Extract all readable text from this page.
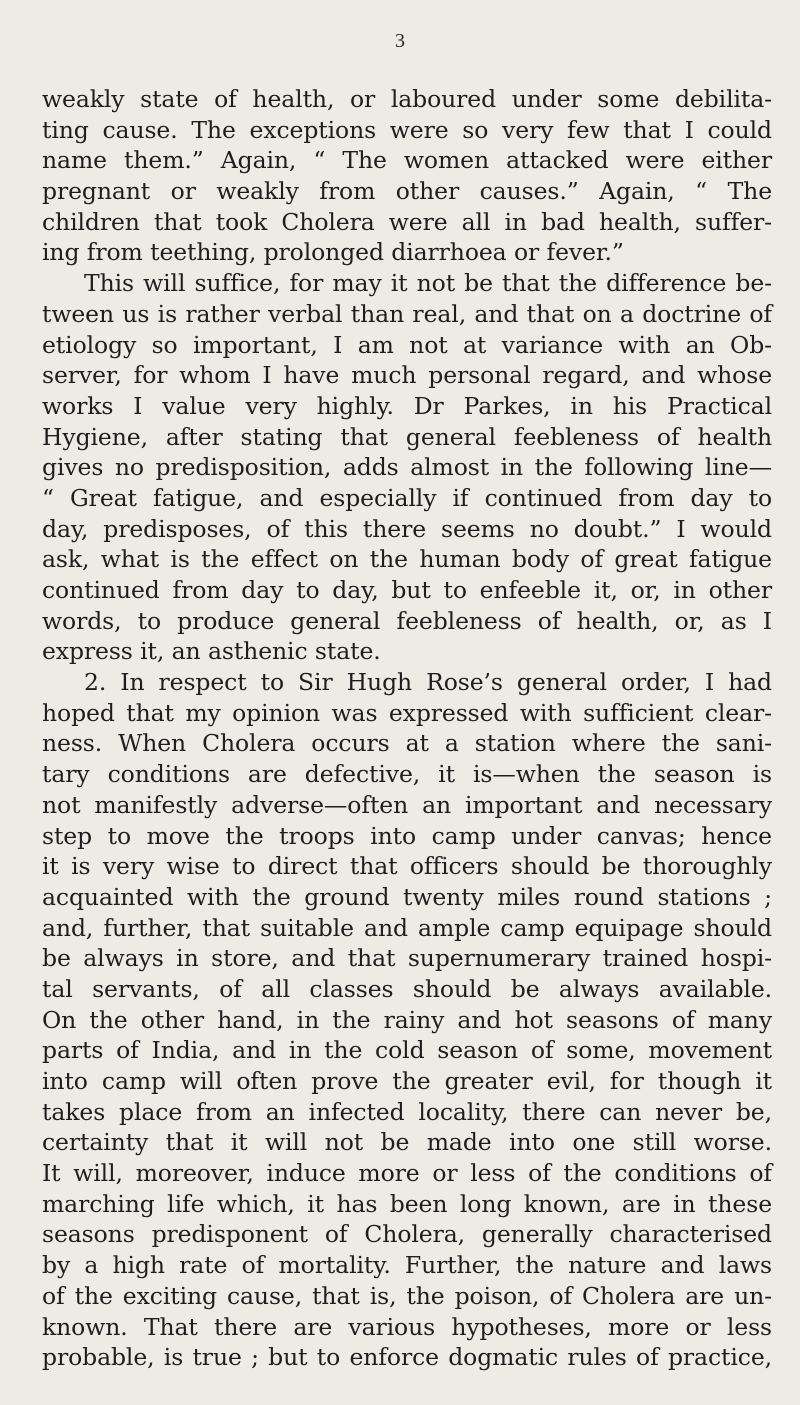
3
weakly state of health, or laboured under some debilita-
ting cause. The exceptions were so very few that I could
name them.” Again, “ The women attacked were either
pregnant or weakly from other causes.” Again, “ The
children that took Cholera were all in bad health, suffer-
ing from teething, prolonged diarrhoea or fever.”
This will suffice, for may it not be that the difference be-
tween us is rather verbal than real, and that on a doctrine of
etiology so important, I am not at variance with an Ob-
server, for whom I have much personal regard, and whose
works I value very highly. Dr Parkes, in his Practical
Hygiene, after stating that general feebleness of health
gives no predisposition, adds almost in the following line—
“ Great fatigue, and especially if continued from day to
day, predisposes, of this there seems no doubt.” I would
ask, what is the effect on the human body of great fatigue
continued from day to day, but to enfeeble it, or, in other
words, to produce general feebleness of health, or, as I
express it, an asthenic state.
2. In respect to Sir Hugh Rose’s general order, I had
hoped that my opinion was expressed with sufficient clear-
ness. When Cholera occurs at a station where the sani-
tary conditions are defective, it is—when the season is
not manifestly adverse—often an important and necessary
step to move the troops into camp under canvas; hence
it is very wise to direct that officers should be thoroughly
acquainted with the ground twenty miles round stations ;
and, further, that suitable and ample camp equipage should
be always in store, and that supernumerary trained hospi-
tal servants, of all classes should be always available.
On the other hand, in the rainy and hot seasons of many
parts of India, and in the cold season of some, movement
into camp will often prove the greater evil, for though it
takes place from an infected locality, there can never be,
certainty that it will not be made into one still worse.
It will, moreover, induce more or less of the conditions of
marching life which, it has been long known, are in these
seasons predisponent of Cholera, generally characterised
by a high rate of mortality. Further, the nature and laws
of the exciting cause, that is, the poison, of Cholera are un-
known. That there are various hypotheses, more or less
probable, is true ; but to enforce dogmatic rules of practice,
